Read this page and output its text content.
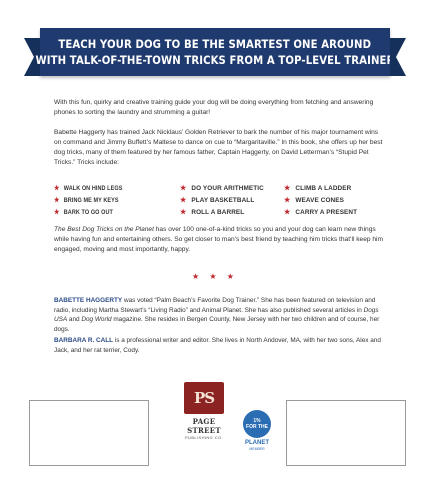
TEACH YOUR DOG TO BE THE SMARTEST ONE AROUND
WITH TALK-OF-THE-TOWN TRICKS FROM A TOP-LEVEL TRAINER
With this fun, quirky and creative training guide your dog will be doing everything from fetching and answering phones to sorting the laundry and strumming a guitar!
Babette Haggerty has trained Jack Nicklaus’ Golden Retriever to bark the number of his major tournament wins on command and Jimmy Buffett’s Maltese to dance on cue to “Margaritaville.” In this book, she offers up her best dog tricks, many of them featured by her famous father, Captain Haggerty, on David Letterman’s “Stupid Pet Tricks.” Tricks include:
★ WALK ON HIND LEGS	★ DO YOUR ARITHMETIC	★ CLIMB A LADDER
★ BRING ME MY KEYS	★ PLAY BASKETBALL	★ WEAVE CONES
★ BARK TO GO OUT	★ ROLL A BARREL	★ CARRY A PRESENT
The Best Dog Tricks on the Planet has over 100 one-of-a-kind tricks so you and your dog can learn new things while having fun and entertaining others. So get closer to man’s best friend by teaching him tricks that’ll keep him engaged, moving and most importantly, happy.
★ ★ ★
BABETTE HAGGERTY was voted “Palm Beach’s Favorite Dog Trainer.” She has been featured on television and radio, including Martha Stewart’s “Living Radio” and Animal Planet. She has also published several articles in Dogs USA and Dog World magazine. She resides in Bergen County, New Jersey with her two children and of course, her dogs.
BARBARA R. CALL is a professional writer and editor. She lives in North Andover, MA, with her two sons, Alex and Jack, and her rat terrier, Cody.
PS
PAGE STREET
PUBLISHING CO.
1%
FOR THE
PLANET
MEMBER
